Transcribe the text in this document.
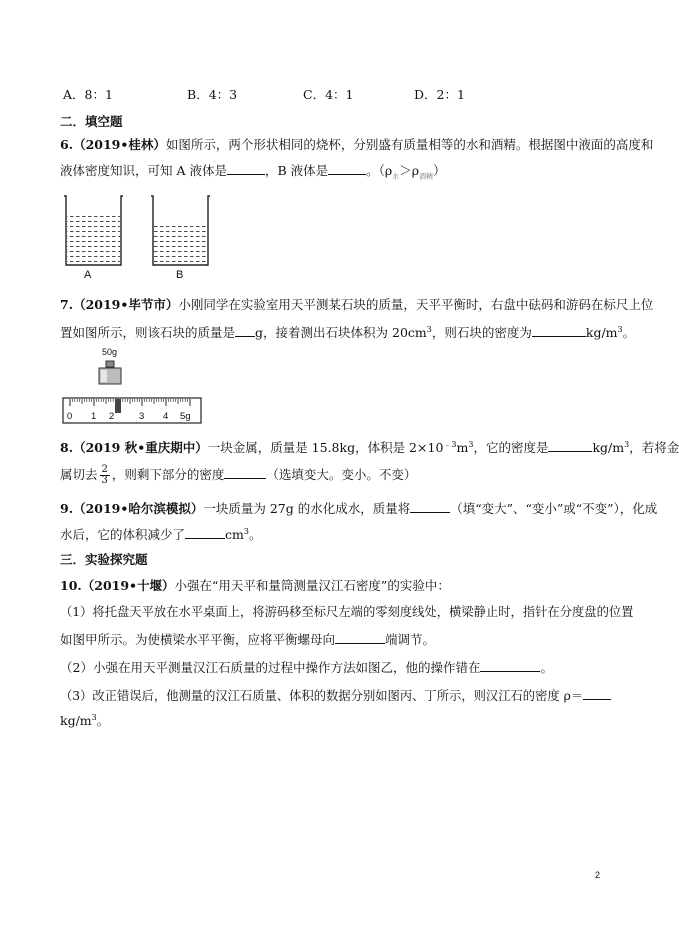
A．8：1	B．4：3	C．4：1	D．2：1
二．填空题
6.（2019•桂林）如图所示，两个形状相同的烧杯，分别盛有质量相等的水和酒精。根据图中液面的高度和
液体密度知识，可知 A 液体是	，B 液体是	。$(\rho_水>\rho_{酒精})$
A	B
7.（2019•毕节市）小刚同学在实验室用天平测某石块的质量，天平平衡时，右盘中砝码和游码在标尺上位
置如图所示，则该石块的质量是 g，接着测出石块体积为 $20cm^3$，则石块的密度为	$kg/m^3$。
50g
0 1 2	3 4 5g
8.（2019 秋•重庆期中）一块金属，质量是 15.8kg，体积是 $2\times 10^{﹣3}m^3$，它的密度是	$kg/m^3$，若将金
属切去 $\frac{2}{3}$ ，则剩下部分的密度	（选填变大。变小。不变）
9.（2019•哈尔滨模拟）一块质量为 27g 的水化成水，质量将	（填“变大”、“变小”或“不变”），化成
水后，它的体积减少了	$cm^3$。
三．实验探究题
10.（2019•十堰）小强在“用天平和量筒测量汉江石密度”的实验中：
（1）将托盘天平放在水平桌面上，将游码移至标尺左端的零刻度线处，横梁静止时，指针在分度盘的位置
如图甲所示。为使横梁水平平衡，应将平衡螺母向	端调节。
（2）小强在用天平测量汉江石质量的过程中操作方法如图乙，他的操作错在	。
（3）改正错误后，他测量的汉江石质量、体积的数据分别如图丙、丁所示，则汉江石的密度 ρ＝
$kg/m^3$。
2
